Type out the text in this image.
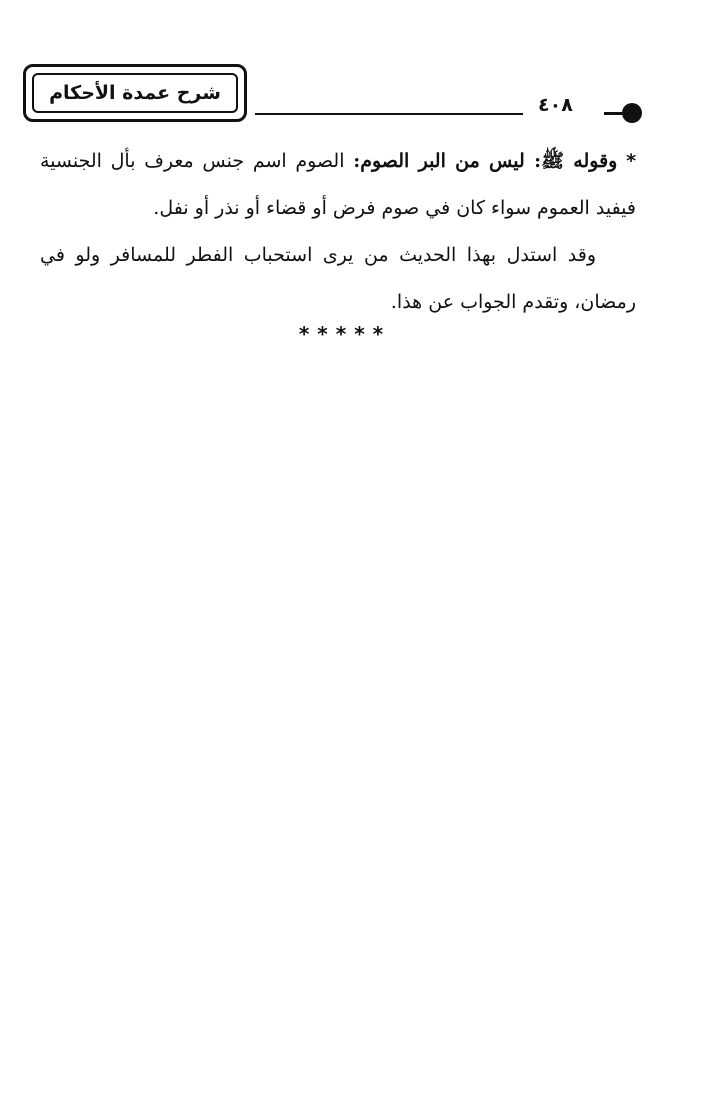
شرح عمدة الأحكام
٤٠٨

* وقوله ﷺ: ليس من البر الصوم: الصوم اسم جنس معرف بأل الجنسية فيفيد العموم سواء كان في صوم فرض أو قضاء أو نذر أو نفل.

وقد استدل بهذا الحديث من يرى استحباب الفطر للمسافر ولو في رمضان، وتقدم الجواب عن هذا.

*****
